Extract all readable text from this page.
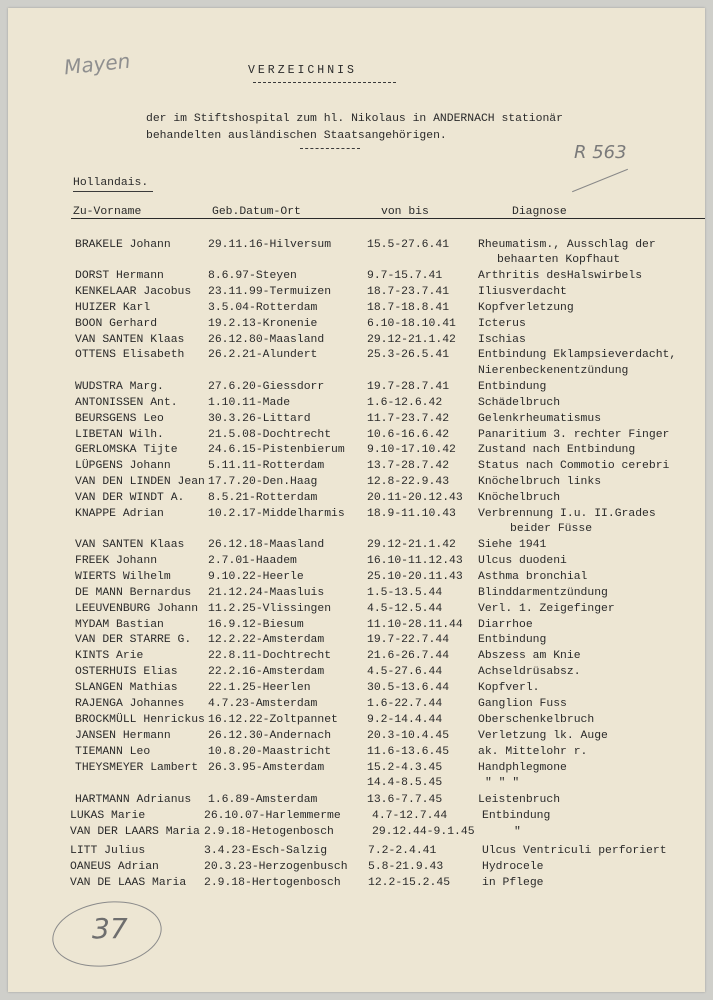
Mayen
R 563
VERZEICHNIS
der im Stiftshospital zum hl. Nikolaus in ANDERNACH stationär
behandelten ausländischen Staatsangehörigen.
Hollandais.
Zu-Vorname	Geb.Datum-Ort	von bis	Diagnose
BRAKELE Johann	29.11.16-Hilversum	15.5-27.6.41	Rheumatism., Ausschlag der
behaarten Kopfhaut
DORST Hermann	8.6.97-Steyen	9.7-15.7.41	Arthritis desHalswirbels
KENKELAAR Jacobus 23.11.99-Termuizen	18.7-23.7.41	Iliusverdacht
HUIZER Karl	3.5.04-Rotterdam	18.7-18.8.41	Kopfverletzung
BOON Gerhard	19.2.13-Kronenie	6.10-18.10.41 Icterus
VAN SANTEN Klaas 26.12.80-Maasland	29.12-21.1.42 Ischias
OTTENS Elisabeth 26.2.21-Alundert	25.3-26.5.41	Entbindung Eklampsieverdacht,
Nierenbeckenentzündung
WUDSTRA Marg.	27.6.20-Giessdorr	19.7-28.7.41	Entbindung
ANTONISSEN Ant.	1.10.11-Made	1.6-12.6.42	Schädelbruch
BEURSGENS Leo	30.3.26-Littard	11.7-23.7.42	Gelenkrheumatismus
LIBETAN Wilh.	21.5.08-Dochtrecht	10.6-16.6.42	Panaritium 3. rechter Finger
GERLOMSKA Tijte	24.6.15-Pistenbierum 9.10-17.10.42 Zustand nach Entbindung
LÜPGENS Johann	5.11.11-Rotterdam	13.7-28.7.42	Status nach Commotio cerebri
VAN DEN LINDEN Jean 17.7.20-Den.Haag	12.8-22.9.43	Knöchelbruch links
VAN DER WINDT A. 8.5.21-Rotterdam	20.11-20.12.43 Knöchelbruch
KNAPPE Adrian	10.2.17-Middelharmis 18.9-11.10.43 Verbrennung I.u. II.Grades
beider Füsse
VAN SANTEN Klaas 26.12.18-Maasland	29.12-21.1.42 Siehe 1941
FREEK Johann	2.7.01-Haadem	16.10-11.12.43 Ulcus duodeni
WIERTS Wilhelm	9.10.22-Heerle	25.10-20.11.43 Asthma bronchial
DE MANN Bernardus 21.12.24-Maasluis	1.5-13.5.44	Blinddarmentzündung
LEEUVENBURG Johann 11.2.25-Vlissingen	4.5-12.5.44	Verl. 1. Zeigefinger
MYDAM Bastian	16.9.12-Biesum	11.10-28.11.44 Diarrhoe
VAN DER STARRE G. 12.2.22-Amsterdam	19.7-22.7.44	Entbindung
KINTS Arie	22.8.11-Dochtrecht	21.6-26.7.44	Abszess am Knie
OSTERHUIS Elias	22.2.16-Amsterdam	4.5-27.6.44	Achseldrüsabsz.
SLANGEN Mathias	22.1.25-Heerlen	30.5-13.6.44	Kopfverl.
RAJENGA Johannes 4.7.23-Amsterdam	1.6-22.7.44	Ganglion Fuss
BROCKMÜLL Henrickus 16.12.22-Zoltpannet	9.2-14.4.44	Oberschenkelbruch
JANSEN Hermann	26.12.30-Andernach	20.3-10.4.45	Verletzung lk. Auge
TIEMANN Leo	10.8.20-Maastricht	11.6-13.6.45	ak. Mittelohr r.
THEYSMEYER Lambert 26.3.95-Amsterdam	15.2-4.3.45	Handphlegmone
14.4-8.5.45	" " "
HARTMANN Adrianus 1.6.89-Amsterdam	13.6-7.7.45	Leistenbruch
LUKAS Marie	26.10.07-Harlemmerme	4.7-12.7.44	Entbindung
VAN DER LAARS Maria 2.9.18-Hetogenbosch	29.12.44-9.1.45	"
LITT Julius	3.4.23-Esch-Salzig	7.2-2.4.41	Ulcus Ventriculi perforiert
OANEUS Adrian	20.3.23-Herzogenbusch 5.8-21.9.43	Hydrocele
VAN DE LAAS Maria 2.9.18-Hertogenbosch 12.2-15.2.45	in Pflege
37
